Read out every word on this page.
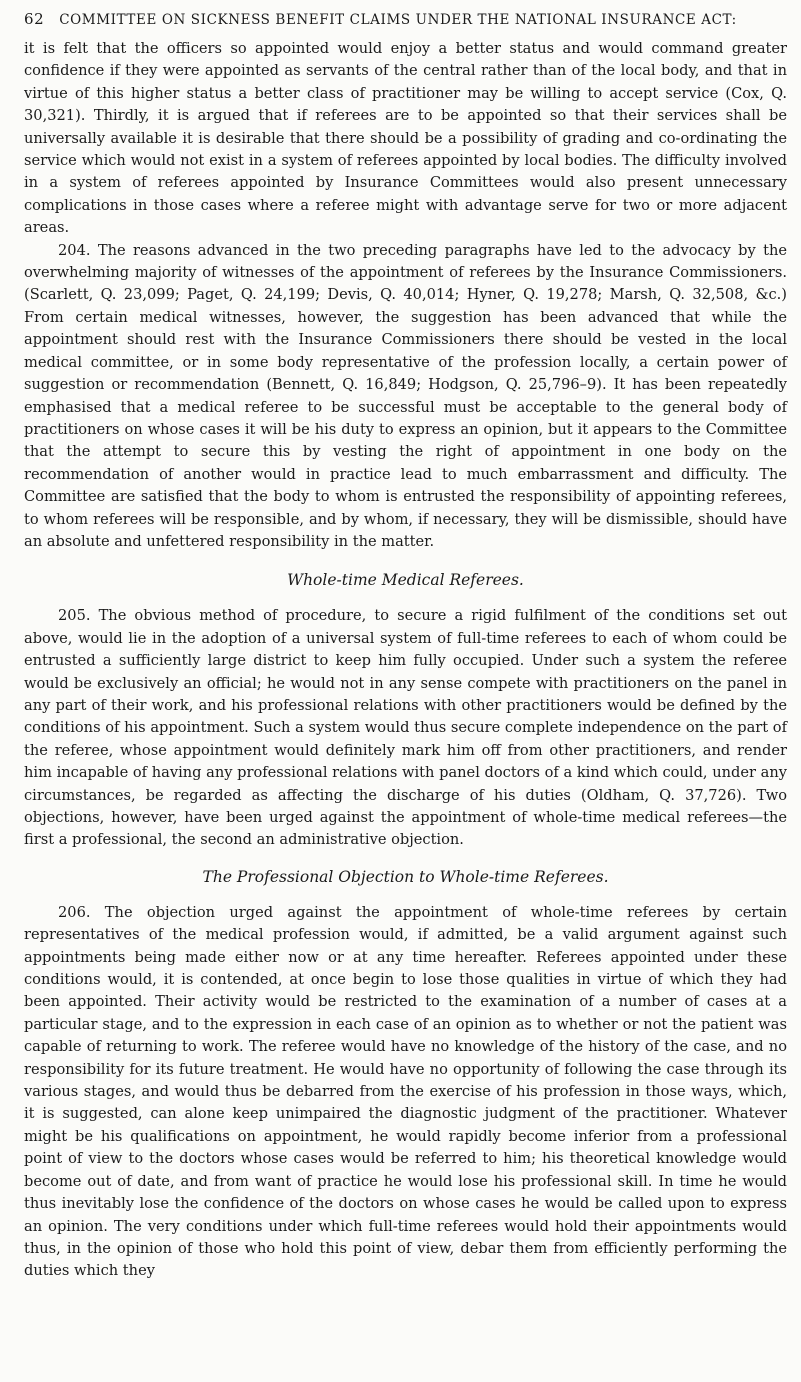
62 COMMITTEE ON SICKNESS BENEFIT CLAIMS UNDER THE NATIONAL INSURANCE ACT:

it is felt that the officers so appointed would enjoy a better status and would command greater confidence if they were appointed as servants of the central rather than of the local body, and that in virtue of this higher status a better class of practitioner may be willing to accept service (Cox, Q. 30,321). Thirdly, it is argued that if referees are to be appointed so that their services shall be universally available it is desirable that there should be a possibility of grading and co-ordinating the service which would not exist in a system of referees appointed by local bodies. The difficulty involved in a system of referees appointed by Insurance Committees would also present unnecessary complications in those cases where a referee might with advantage serve for two or more adjacent areas.

204. The reasons advanced in the two preceding paragraphs have led to the advocacy by the overwhelming majority of witnesses of the appointment of referees by the Insurance Commissioners. (Scarlett, Q. 23,099; Paget, Q. 24,199; Devis, Q. 40,014; Hyner, Q. 19,278; Marsh, Q. 32,508, &c.) From certain medical witnesses, however, the suggestion has been advanced that while the appointment should rest with the Insurance Commissioners there should be vested in the local medical committee, or in some body representative of the profession locally, a certain power of suggestion or recommendation (Bennett, Q. 16,849; Hodgson, Q. 25,796–9). It has been repeatedly emphasised that a medical referee to be successful must be acceptable to the general body of practitioners on whose cases it will be his duty to express an opinion, but it appears to the Committee that the attempt to secure this by vesting the right of appointment in one body on the recommendation of another would in practice lead to much embarrassment and difficulty. The Committee are satisfied that the body to whom is entrusted the responsibility of appointing referees, to whom referees will be responsible, and by whom, if necessary, they will be dismissible, should have an absolute and unfettered responsibility in the matter.

Whole-time Medical Referees.

205. The obvious method of procedure, to secure a rigid fulfilment of the conditions set out above, would lie in the adoption of a universal system of full-time referees to each of whom could be entrusted a sufficiently large district to keep him fully occupied. Under such a system the referee would be exclusively an official; he would not in any sense compete with practitioners on the panel in any part of their work, and his professional relations with other practitioners would be defined by the conditions of his appointment. Such a system would thus secure complete independence on the part of the referee, whose appointment would definitely mark him off from other practitioners, and render him incapable of having any professional relations with panel doctors of a kind which could, under any circumstances, be regarded as affecting the discharge of his duties (Oldham, Q. 37,726). Two objections, however, have been urged against the appointment of whole-time medical referees—the first a professional, the second an administrative objection.

The Professional Objection to Whole-time Referees.

206. The objection urged against the appointment of whole-time referees by certain representatives of the medical profession would, if admitted, be a valid argument against such appointments being made either now or at any time hereafter. Referees appointed under these conditions would, it is contended, at once begin to lose those qualities in virtue of which they had been appointed. Their activity would be restricted to the examination of a number of cases at a particular stage, and to the expression in each case of an opinion as to whether or not the patient was capable of returning to work. The referee would have no knowledge of the history of the case, and no responsibility for its future treatment. He would have no opportunity of following the case through its various stages, and would thus be debarred from the exercise of his profession in those ways, which, it is suggested, can alone keep unimpaired the diagnostic judgment of the practitioner. Whatever might be his qualifications on appointment, he would rapidly become inferior from a professional point of view to the doctors whose cases would be referred to him; his theoretical knowledge would become out of date, and from want of practice he would lose his professional skill. In time he would thus inevitably lose the confidence of the doctors on whose cases he would be called upon to express an opinion. The very conditions under which full-time referees would hold their appointments would thus, in the opinion of those who hold this point of view, debar them from efficiently performing the duties which they
